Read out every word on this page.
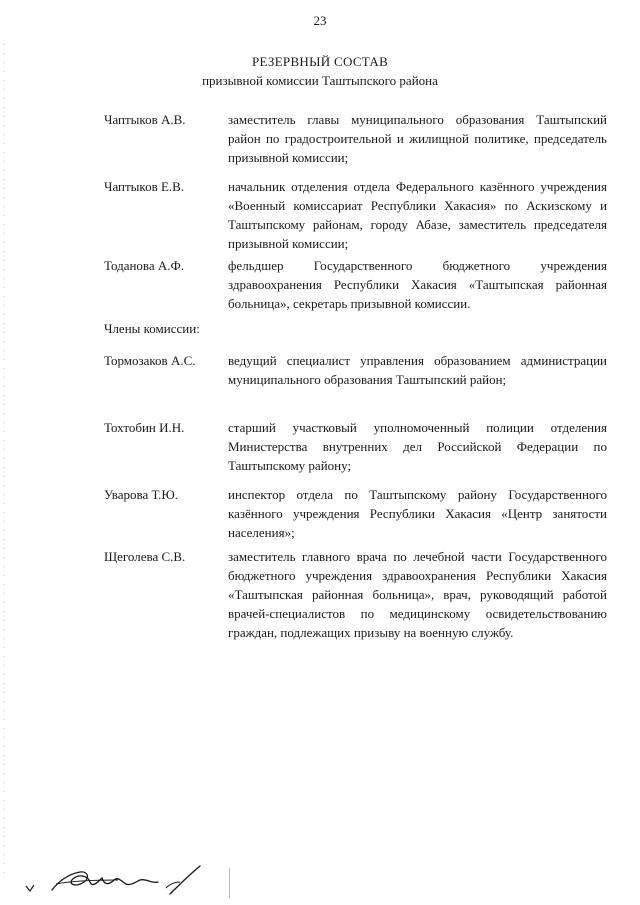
23
РЕЗЕРВНЫЙ СОСТАВ
призывной комиссии Таштыпского района
Чаптыков А.В.	заместитель главы муниципального образования Таштыпский район по градостроительной и жилищной политике, председатель призывной комиссии;
Чаптыков Е.В.	начальник отделения отдела Федерального казённого учреждения «Военный комиссариат Республики Хакасия» по Аскизскому и Таштыпскому районам, городу Абазе, заместитель председателя призывной комиссии;
Тоданова А.Ф.	фельдшер Государственного бюджетного учреждения здравоохранения Республики Хакасия «Таштыпская районная больница», секретарь призывной комиссии.
Члены комиссии:
Тормозаков А.С.	ведущий специалист управления образованием администрации муниципального образования Таштыпский район;
Тохтобин И.Н.	старший участковый уполномоченный полиции отделения Министерства внутренних дел Российской Федерации по Таштыпскому району;
Уварова Т.Ю.	инспектор отдела по Таштыпскому району Государственного казённого учреждения Республики Хакасия «Центр занятости населения»;
Щеголева С.В.	заместитель главного врача по лечебной части Государственного бюджетного учреждения здравоохранения Республики Хакасия «Таштыпская районная больница», врач, руководящий работой врачей-специалистов по медицинскому освидетельствованию граждан, подлежащих призыву на военную службу.
